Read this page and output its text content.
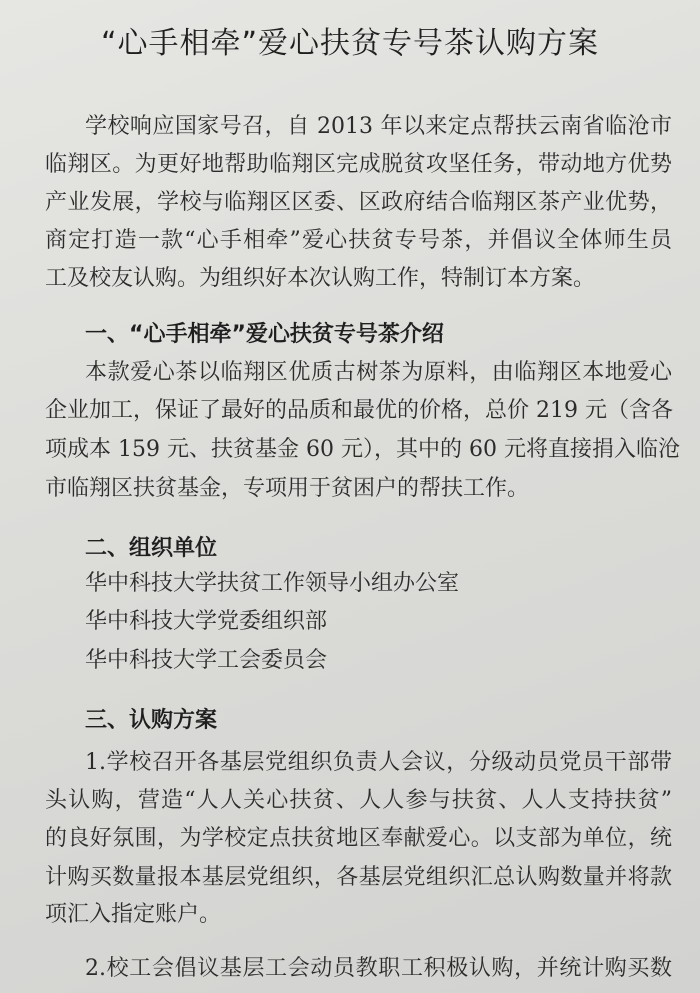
“心手相牵”爱心扶贫专号茶认购方案
学校响应国家号召，自 2013 年以来定点帮扶云南省临沧市
临翔区。为更好地帮助临翔区完成脱贫攻坚任务，带动地方优势
产业发展，学校与临翔区区委、区政府结合临翔区茶产业优势，
商定打造一款“心手相牵”爱心扶贫专号茶，并倡议全体师生员
工及校友认购。为组织好本次认购工作，特制订本方案。
一、“心手相牵”爱心扶贫专号茶介绍
本款爱心茶以临翔区优质古树茶为原料，由临翔区本地爱心
企业加工，保证了最好的品质和最优的价格，总价 219 元（含各
项成本 159 元、扶贫基金 60 元），其中的 60 元将直接捐入临沧
市临翔区扶贫基金，专项用于贫困户的帮扶工作。
二、组织单位
华中科技大学扶贫工作领导小组办公室
华中科技大学党委组织部
华中科技大学工会委员会
三、认购方案
1.学校召开各基层党组织负责人会议，分级动员党员干部带
头认购，营造“人人关心扶贫、人人参与扶贫、人人支持扶贫”
的良好氛围，为学校定点扶贫地区奉献爱心。以支部为单位，统
计购买数量报本基层党组织，各基层党组织汇总认购数量并将款
项汇入指定账户。
2.校工会倡议基层工会动员教职工积极认购，并统计购买数
